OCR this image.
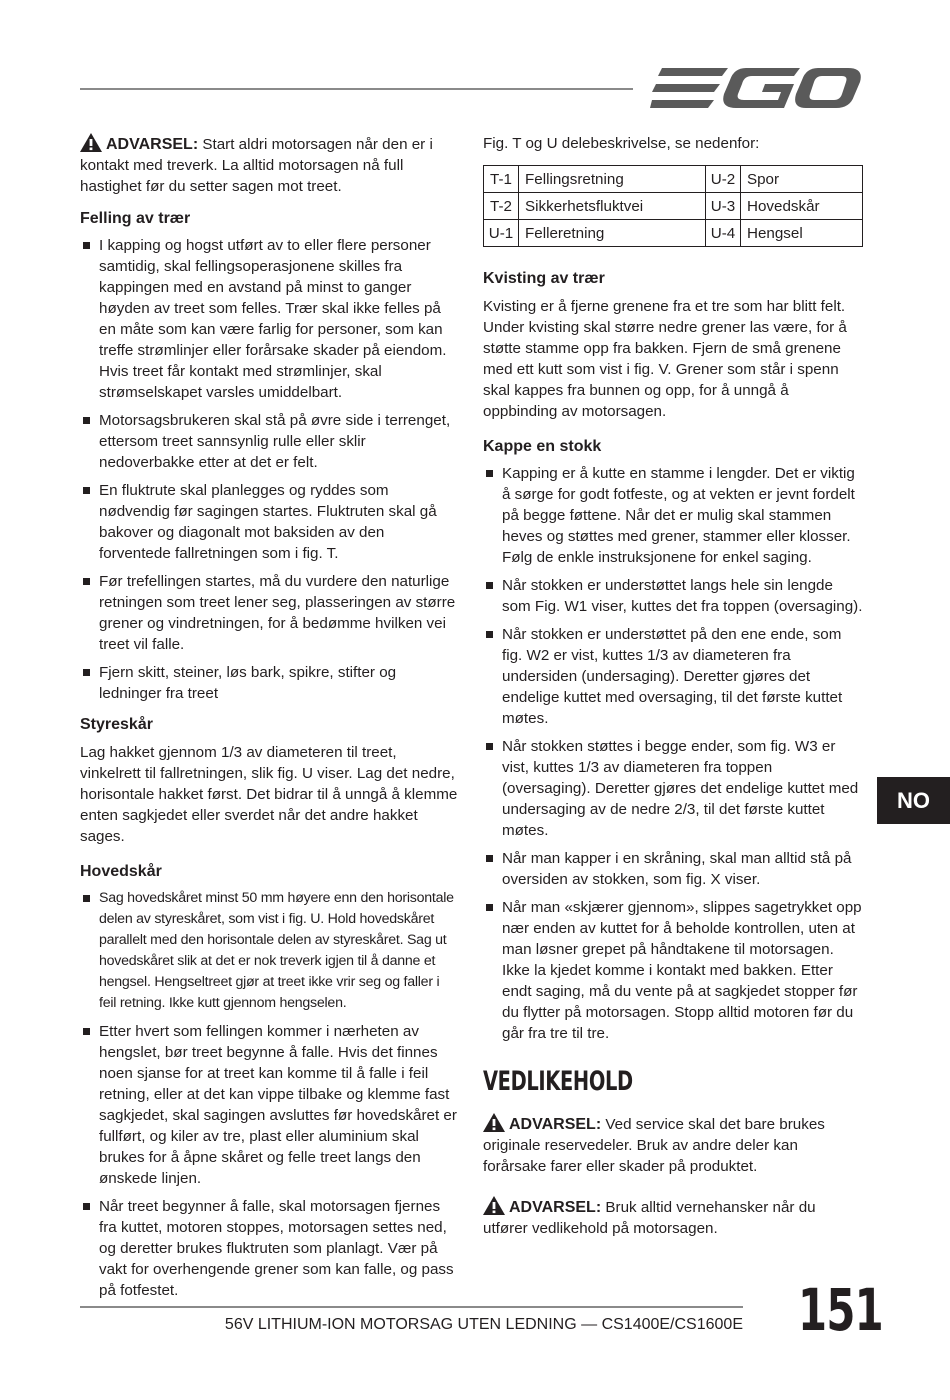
ADVARSEL: Start aldri motorsagen når den er i kontakt med treverk. La alltid motorsagen nå full hastighet før du setter sagen mot treet.

Felling av trær

I kapping og hogst utført av to eller flere personer samtidig, skal fellingsoperasjonene skilles fra kappingen med en avstand på minst to ganger høyden av treet som felles. Trær skal ikke felles på en måte som kan være farlig for personer, som kan treffe strømlinjer eller forårsake skader på eiendom. Hvis treet får kontakt med strømlinjer, skal strømselskapet varsles umiddelbart.
Motorsagsbrukeren skal stå på øvre side i terrenget, ettersom treet sannsynlig rulle eller sklir nedoverbakke etter at det er felt.
En fluktrute skal planlegges og ryddes som nødvendig før sagingen startes. Fluktruten skal gå bakover og diagonalt mot baksiden av den forventede fallretningen som i fig. T.
Før trefellingen startes, må du vurdere den naturlige retningen som treet lener seg, plasseringen av større grener og vindretningen, for å bedømme hvilken vei treet vil falle.
Fjern skitt, steiner, løs bark, spikre, stifter og ledninger fra treet

Styreskår

Lag hakket gjennom 1/3 av diameteren til treet, vinkelrett til fallretningen, slik fig. U viser. Lag det nedre, horisontale hakket først. Det bidrar til å unngå å klemme enten sagkjedet eller sverdet når det andre hakket sages.

Hovedskår

Sag hovedskåret minst 50 mm høyere enn den horisontale delen av styreskåret, som vist i fig. U. Hold hovedskåret parallelt med den horisontale delen av styreskåret. Sag ut hovedskåret slik at det er nok treverk igjen til å danne et hengsel. Hengseltreet gjør at treet ikke vrir seg og faller i feil retning. Ikke kutt gjennom hengselen.
Etter hvert som fellingen kommer i nærheten av hengslet, bør treet begynne å falle. Hvis det finnes noen sjanse for at treet kan komme til å falle i feil retning, eller at det kan vippe tilbake og klemme fast sagkjedet, skal sagingen avsluttes før hovedskåret er fullført, og kiler av tre, plast eller aluminium skal brukes for å åpne skåret og felle treet langs den ønskede linjen.
Når treet begynner å falle, skal motorsagen fjernes fra kuttet, motoren stoppes, motorsagen settes ned, og deretter brukes fluktruten som planlagt. Vær på vakt for overhengende grener som kan falle, og pass på fotfestet.

Fig. T og U delebeskrivelse, se nedenfor:

T-1	Fellingsretning	U-2	Spor
T-2	Sikkerhetsfluktvei	U-3	Hovedskår
U-1	Felleretning	U-4	Hengsel

Kvisting av trær

Kvisting er å fjerne grenene fra et tre som har blitt felt. Under kvisting skal større nedre grener las være, for å støtte stamme opp fra bakken. Fjern de små grenene med ett kutt som vist i fig. V. Grener som står i spenn skal kappes fra bunnen og opp, for å unngå å oppbinding av motorsagen.

Kappe en stokk

Kapping er å kutte en stamme i lengder. Det er viktig å sørge for godt fotfeste, og at vekten er jevnt fordelt på begge føttene. Når det er mulig skal stammen heves og støttes med grener, stammer eller klosser. Følg de enkle instruksjonene for enkel saging.
Når stokken er understøttet langs hele sin lengde som Fig. W1 viser, kuttes det fra toppen (oversaging).
Når stokken er understøttet på den ene ende, som fig. W2 er vist, kuttes 1/3 av diameteren fra undersiden (undersaging). Deretter gjøres det endelige kuttet med oversaging, til det første kuttet møtes.
Når stokken støttes i begge ender, som fig. W3 er vist, kuttes 1/3 av diameteren fra toppen (oversaging). Deretter gjøres det endelige kuttet med undersaging av de nedre 2/3, til det første kuttet møtes.
Når man kapper i en skråning, skal man alltid stå på oversiden av stokken, som fig. X viser.
Når man «skjærer gjennom», slippes sagetrykket opp nær enden av kuttet for å beholde kontrollen, uten at man løsner grepet på håndtakene til motorsagen. Ikke la kjedet komme i kontakt med bakken. Etter endt saging, må du vente på at sagkjedet stopper før du flytter på motorsagen. Stopp alltid motoren før du går fra tre til tre.

VEDLIKEHOLD

ADVARSEL: Ved service skal det bare brukes originale reservedeler. Bruk av andre deler kan forårsake farer eller skader på produktet.

ADVARSEL: Bruk alltid vernehansker når du utfører vedlikehold på motorsagen.

NO
56V LITHIUM-ION MOTORSAG UTEN LEDNING — CS1400E/CS1600E 151
